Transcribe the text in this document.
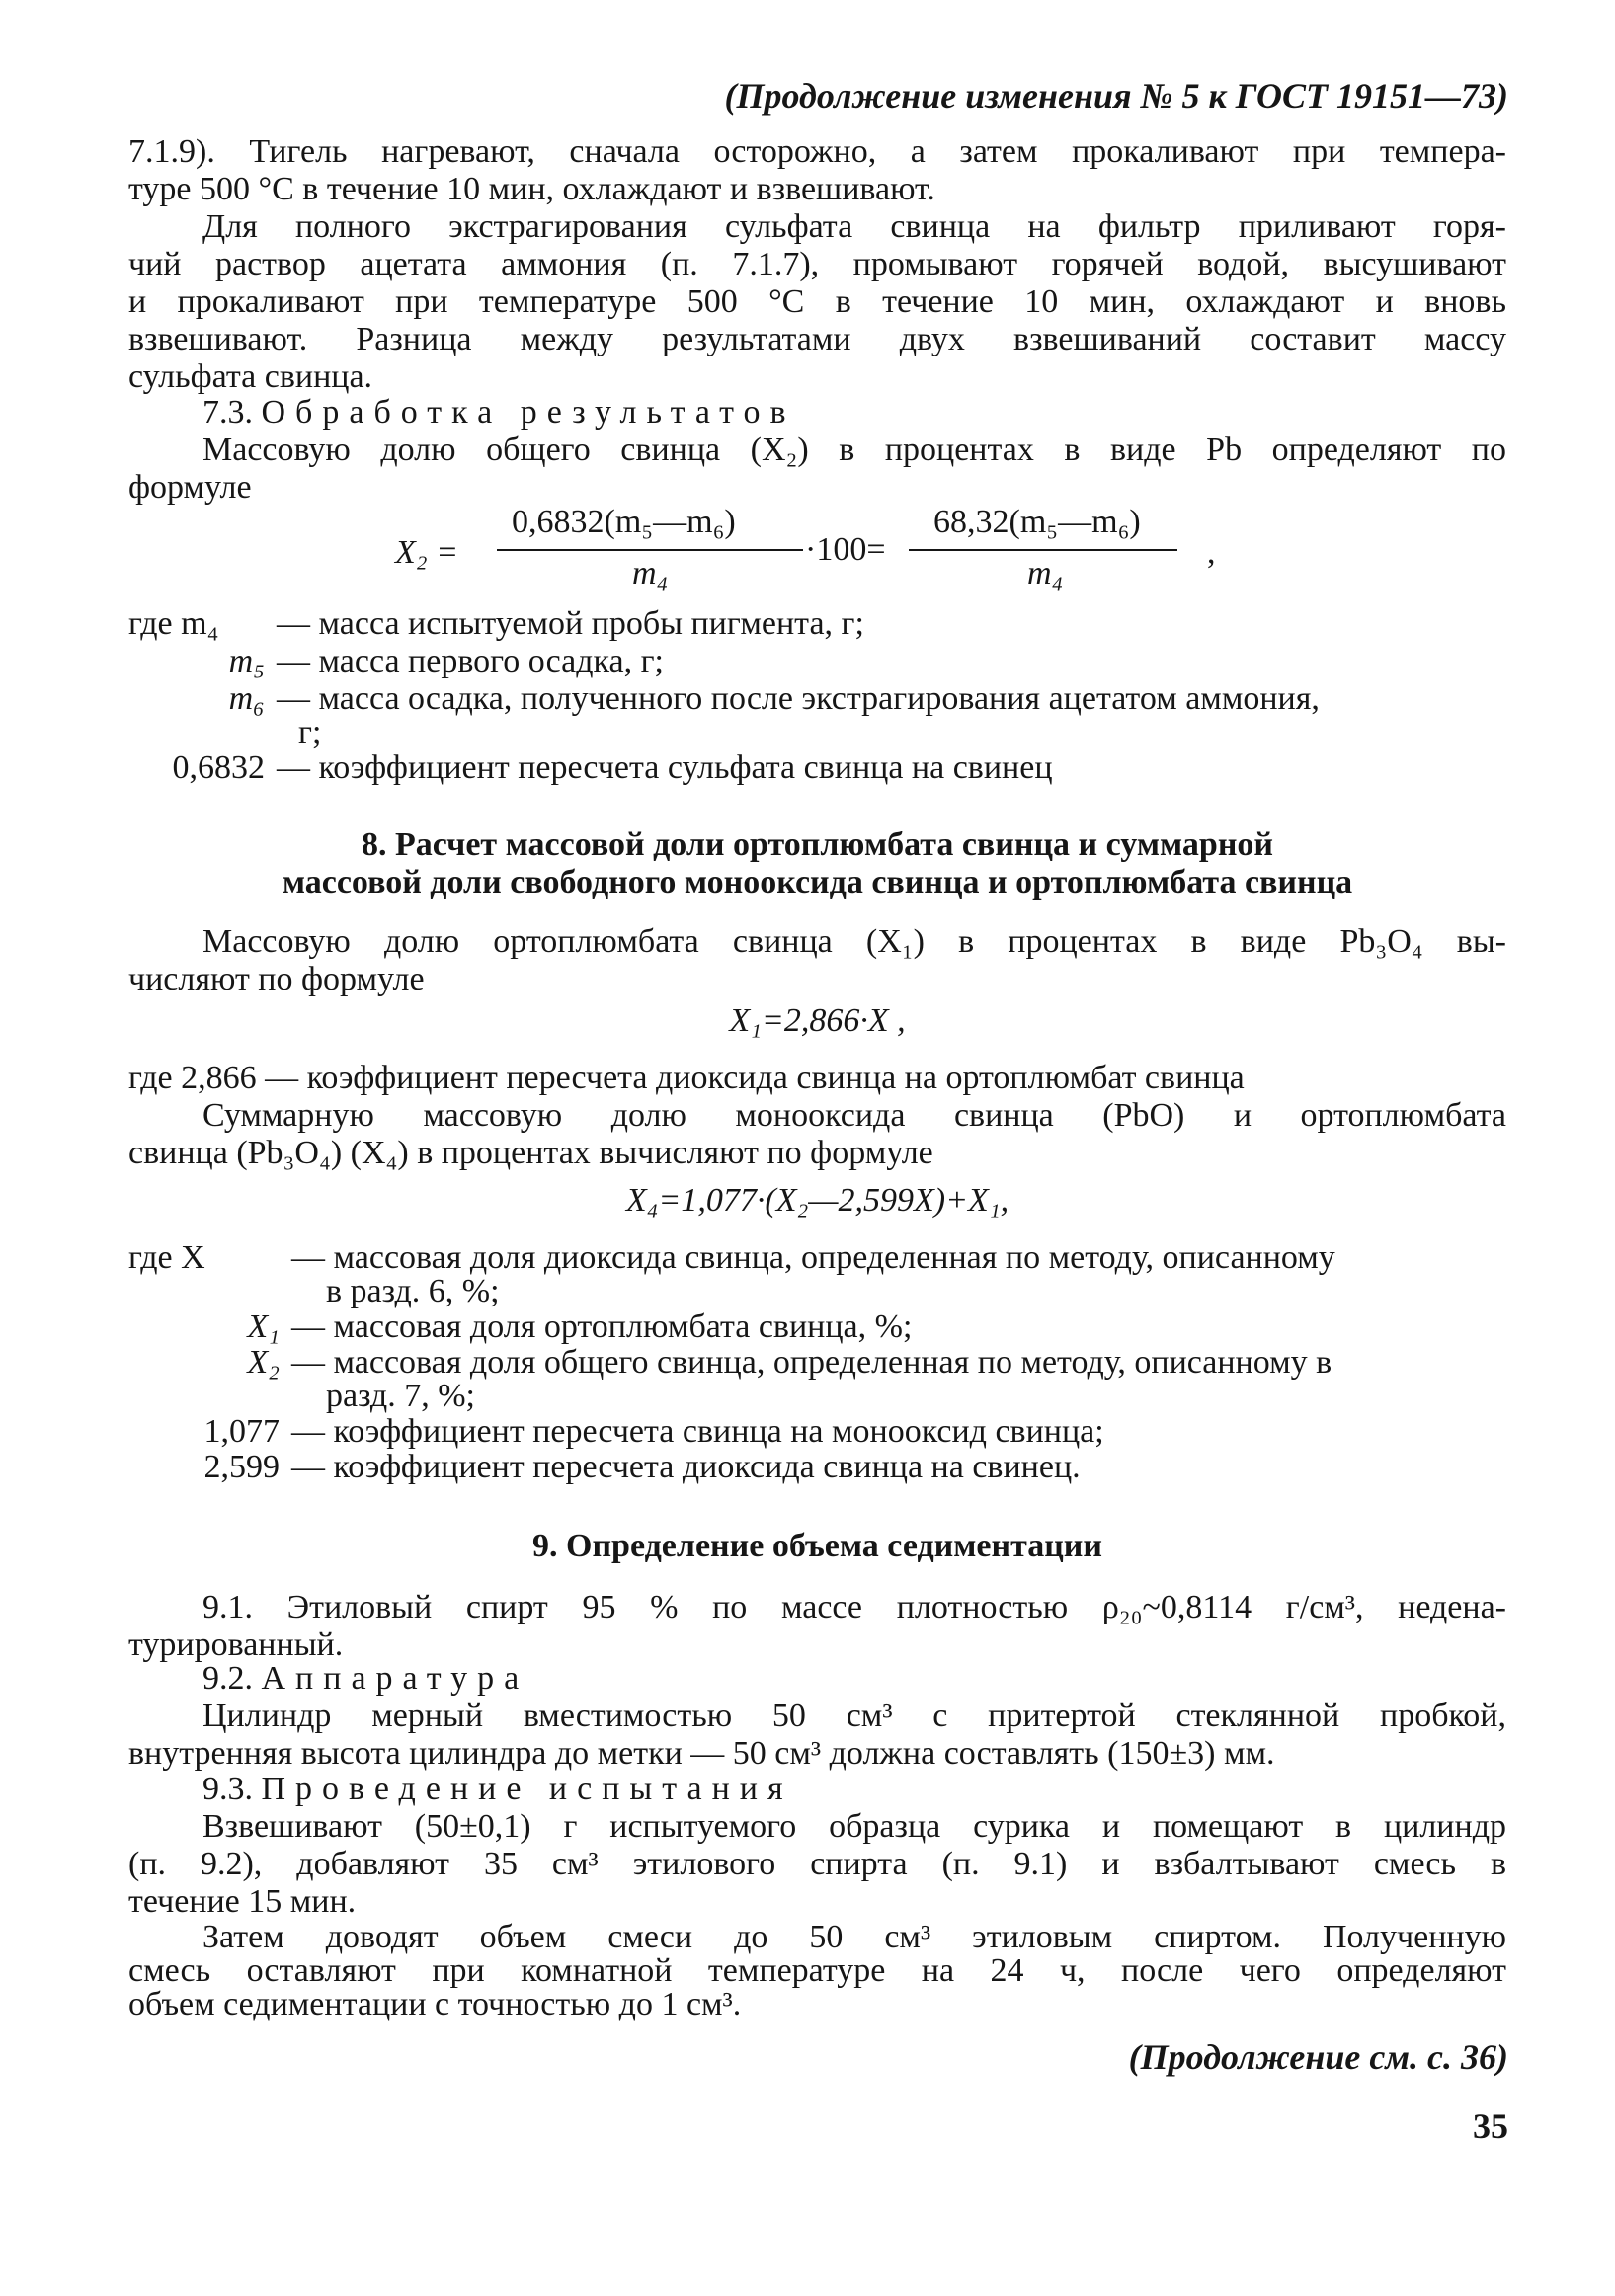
(Продолжение изменения № 5 к ГОСТ 19151—73)
7.1.9). Тигель нагревают, сначала осторожно, а затем прокаливают при темпера-
туре 500 °С в течение 10 мин, охлаждают и взвешивают.
Для полного экстрагирования сульфата свинца на фильтр приливают горя-
чий раствор ацетата аммония (п. 7.1.7), промывают горячей водой, высушивают
и прокаливают при температуре 500 °С в течение 10 мин, охлаждают и вновь
взвешивают. Разница между результатами двух взвешиваний составит массу
сульфата свинца.
7.3. Обработка результатов
Массовую долю общего свинца (X₂) в процентах в виде Pb определяют по
формуле
X₂ =
0,6832(m₅—m₆)
m₄
·100=
68,32(m₅—m₆)
m₄
,
где m₄ — масса испытуемой пробы пигмента, г;
m₅ — масса первого осадка, г;
m₆ — масса осадка, полученного после экстрагирования ацетатом аммония,
г;
0,6832 — коэффициент пересчета сульфата свинца на свинец
8. Расчет массовой доли ортоплюмбата свинца и суммарной
массовой доли свободного монооксида свинца и ортоплюмбата свинца
Массовую долю ортоплюмбата свинца (X₁) в процентах в виде Pb₃O₄ вы-
числяют по формуле
X₁=2,866·X ,
где 2,866 — коэффициент пересчета диоксида свинца на ортоплюмбат свинца
Суммарную массовую долю монооксида свинца (PbO) и ортоплюмбата
свинца (Pb₃O₄) (X₄) в процентах вычисляют по формуле
X₄=1,077·(X₂—2,599X)+X₁,
где X	— массовая доля диоксида свинца, определенная по методу, описанному
в разд. 6, %;
X₁ — массовая доля ортоплюмбата свинца, %;
X₂ — массовая доля общего свинца, определенная по методу, описанному в
разд. 7, %;
1,077 — коэффициент пересчета свинца на монооксид свинца;
2,599 — коэффициент пересчета диоксида свинца на свинец.
9. Определение объема седиментации
9.1. Этиловый спирт 95 % по массе плотностью ρ₂₀~0,8114 г/см³, недена-
турированный.
9.2. Аппаратура
Цилиндр мерный вместимостью 50 см³ с притертой стеклянной пробкой,
внутренняя высота цилиндра до метки — 50 см³ должна составлять (150±3) мм.
9.3. Проведение испытания
Взвешивают (50±0,1) г испытуемого образца сурика и помещают в цилиндр
(п. 9.2), добавляют 35 см³ этилового спирта (п. 9.1) и взбалтывают смесь в
течение 15 мин.
Затем доводят объем смеси до 50 см³ этиловым спиртом. Полученную
(Продолжение см. с. 36)
35
смесь оставляют при комнатной температуре на 24 ч, после чего определяют
объем седиментации с точностью до 1 см³.
